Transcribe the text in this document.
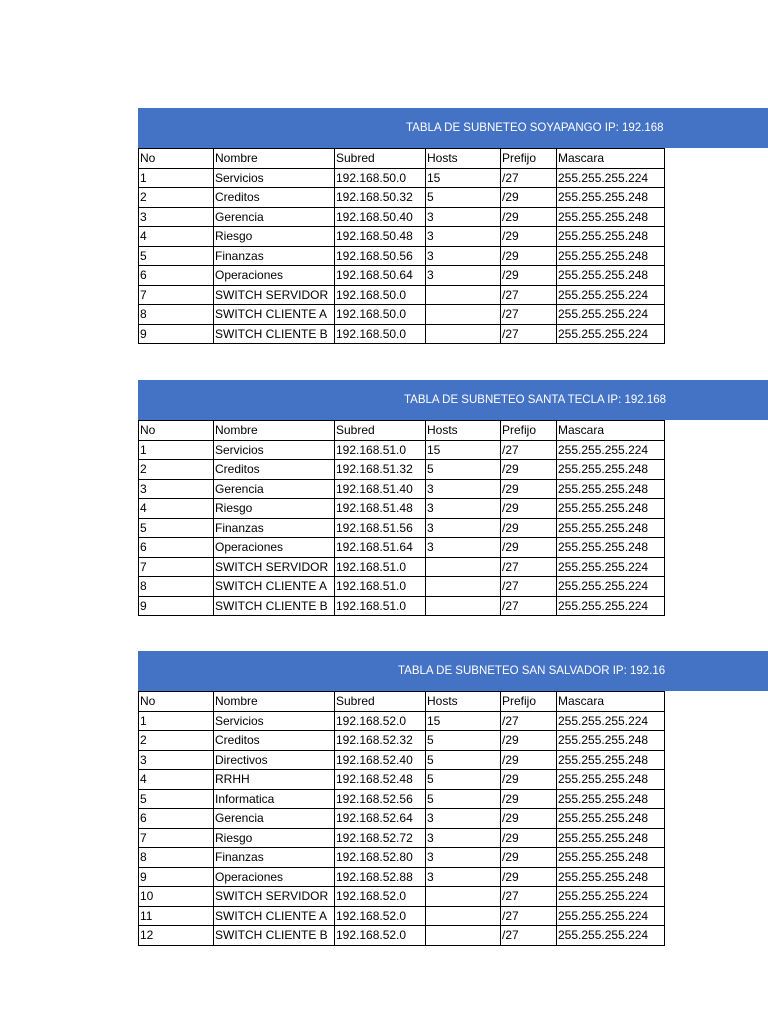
TABLA DE SUBNETEO SOYAPANGO IP: 192.168
No	Nombre	Subred	Hosts	Prefijo	Mascara
1	Servicios	192.168.50.0	15	/27	255.255.255.224
2	Creditos	192.168.50.32	5	/29	255.255.255.248
3	Gerencia	192.168.50.40	3	/29	255.255.255.248
4	Riesgo	192.168.50.48	3	/29	255.255.255.248
5	Finanzas	192.168.50.56	3	/29	255.255.255.248
6	Operaciones	192.168.50.64	3	/29	255.255.255.248
7	SWITCH SERVIDOR	192.168.50.0		/27	255.255.255.224
8	SWITCH CLIENTE A	192.168.50.0		/27	255.255.255.224
9	SWITCH CLIENTE B	192.168.50.0		/27	255.255.255.224
TABLA DE SUBNETEO SANTA TECLA IP: 192.168
No	Nombre	Subred	Hosts	Prefijo	Mascara
1	Servicios	192.168.51.0	15	/27	255.255.255.224
2	Creditos	192.168.51.32	5	/29	255.255.255.248
3	Gerencia	192.168.51.40	3	/29	255.255.255.248
4	Riesgo	192.168.51.48	3	/29	255.255.255.248
5	Finanzas	192.168.51.56	3	/29	255.255.255.248
6	Operaciones	192.168.51.64	3	/29	255.255.255.248
7	SWITCH SERVIDOR	192.168.51.0		/27	255.255.255.224
8	SWITCH CLIENTE A	192.168.51.0		/27	255.255.255.224
9	SWITCH CLIENTE B	192.168.51.0		/27	255.255.255.224
TABLA DE SUBNETEO SAN SALVADOR IP: 192.16
No	Nombre	Subred	Hosts	Prefijo	Mascara
1	Servicios	192.168.52.0	15	/27	255.255.255.224
2	Creditos	192.168.52.32	5	/29	255.255.255.248
3	Directivos	192.168.52.40	5	/29	255.255.255.248
4	RRHH	192.168.52.48	5	/29	255.255.255.248
5	Informatica	192.168.52.56	5	/29	255.255.255.248
6	Gerencia	192.168.52.64	3	/29	255.255.255.248
7	Riesgo	192.168.52.72	3	/29	255.255.255.248
8	Finanzas	192.168.52.80	3	/29	255.255.255.248
9	Operaciones	192.168.52.88	3	/29	255.255.255.248
10	SWITCH SERVIDOR	192.168.52.0		/27	255.255.255.224
11	SWITCH CLIENTE A	192.168.52.0		/27	255.255.255.224
12	SWITCH CLIENTE B	192.168.52.0		/27	255.255.255.224
